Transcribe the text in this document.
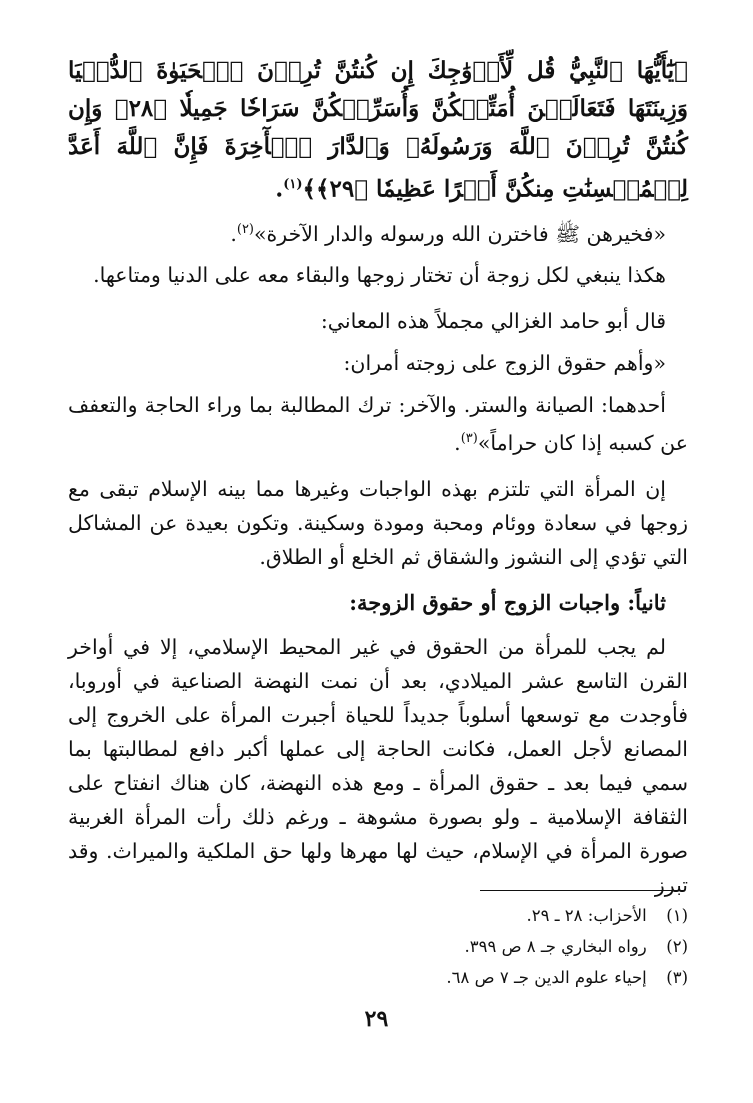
﴿يَٰٓأَيُّهَا ٱلنَّبِيُّ قُل لِّأَزۡوَٰجِكَ إِن كُنتُنَّ تُرِدۡنَ ٱلۡحَيَوٰةَ ٱلدُّنۡيَا وَزِينَتَهَا فَتَعَالَيۡنَ أُمَتِّعۡكُنَّ وَأُسَرِّحۡكُنَّ سَرَاحٗا جَمِيلٗا ﴿٢٨﴾ وَإِن كُنتُنَّ تُرِدۡنَ ٱللَّهَ وَرَسُولَهُۥ وَٱلدَّارَ ٱلۡأٓخِرَةَ فَإِنَّ ٱللَّهَ أَعَدَّ لِلۡمُحۡسِنَٰتِ مِنكُنَّ أَجۡرًا عَظِيمٗا ﴿٢٩﴾﴾$^{(١)}$.

«فخيرهن ﷺ فاخترن الله ورسوله والدار الآخرة»$^{(٢)}$.

هكذا ينبغي لكل زوجة أن تختار زوجها والبقاء معه على الدنيا ومتاعها.

قال أبو حامد الغزالي مجملاً هذه المعاني:

«وأهم حقوق الزوج على زوجته أمران:

أحدهما: الصيانة والستر. والآخر: ترك المطالبة بما وراء الحاجة والتعفف عن كسبه إذا كان حراماً»$^{(٣)}$.

إن المرأة التي تلتزم بهذه الواجبات وغيرها مما بينه الإسلام تبقى مع زوجها في سعادة ووئام ومحبة ومودة وسكينة. وتكون بعيدة عن المشاكل التي تؤدي إلى النشوز والشقاق ثم الخلع أو الطلاق.

ثانياً: واجبات الزوج أو حقوق الزوجة:

لم يجب للمرأة من الحقوق في غير المحيط الإسلامي، إلا في أواخر القرن التاسع عشر الميلادي، بعد أن نمت النهضة الصناعية في أوروبا، فأوجدت مع توسعها أسلوباً جديداً للحياة أجبرت المرأة على الخروج إلى المصانع لأجل العمل، فكانت الحاجة إلى عملها أكبر دافع لمطالبتها بما سمي فيما بعد ـ حقوق المرأة ـ ومع هذه النهضة، كان هناك انفتاح على الثقافة الإسلامية ـ ولو بصورة مشوهة ـ ورغم ذلك رأت المرأة الغربية صورة المرأة في الإسلام، حيث لها مهرها ولها حق الملكية والميراث. وقد تبرز

(١) الأحزاب: ٢٨ ـ ٢٩.

(٢) رواه البخاري جـ ٨ ص ٣٩٩.

(٣) إحياء علوم الدين جـ ٧ ص ٦٨.

٢٩
